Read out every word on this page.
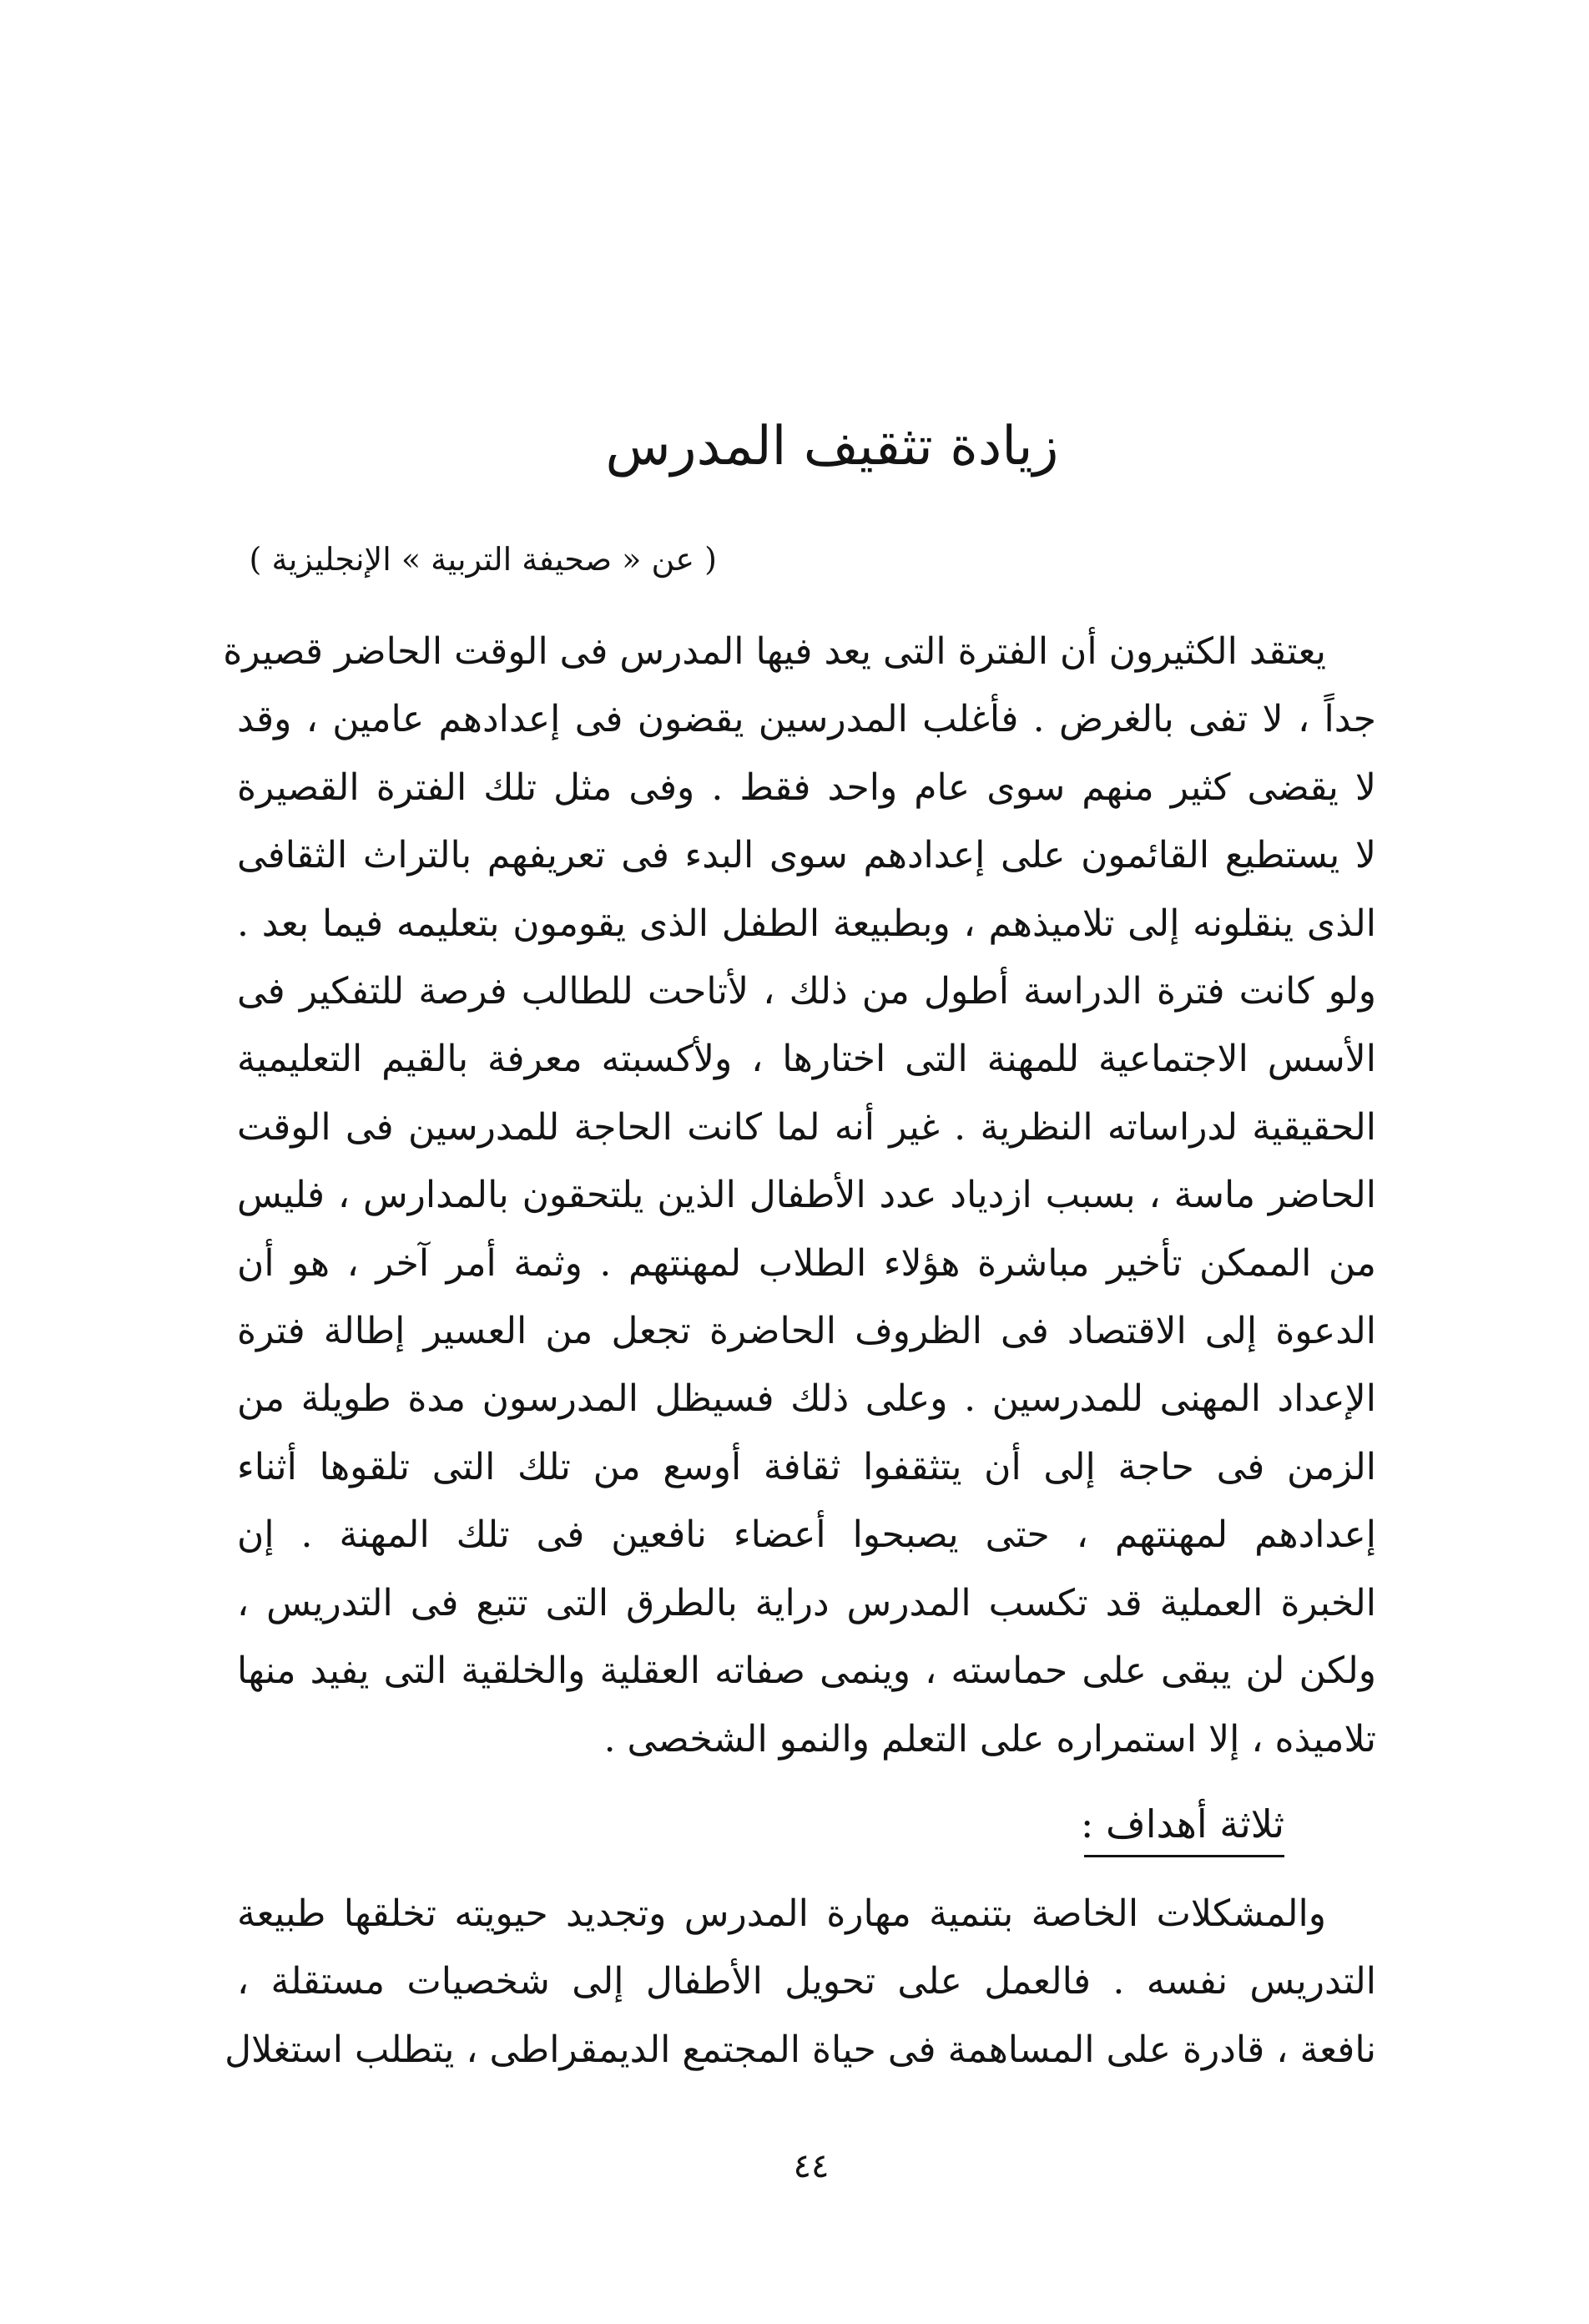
زيادة تثقيف المدرس
( عن « صحيفة التربية » الإنجليزية )

يعتقد الكثيرون أن الفترة التى يعد فيها المدرس فى الوقت الحاضر قصيرة
جداً ، لا تفى بالغرض . فأغلب المدرسين يقضون فى إعدادهم عامين ، وقد
لا يقضى كثير منهم سوى عام واحد فقط . وفى مثل تلك الفترة القصيرة
لا يستطيع القائمون على إعدادهم سوى البدء فى تعريفهم بالتراث الثقافى
الذى ينقلونه إلى تلاميذهم ، وبطبيعة الطفل الذى يقومون بتعليمه فيما بعد .
ولو كانت فترة الدراسة أطول من ذلك ، لأتاحت للطالب فرصة للتفكير فى
الأسس الاجتماعية للمهنة التى اختارها ، ولأكسبته معرفة بالقيم التعليمية
الحقيقية لدراساته النظرية . غير أنه لما كانت الحاجة للمدرسين فى الوقت
الحاضر ماسة ، بسبب ازدياد عدد الأطفال الذين يلتحقون بالمدارس ، فليس
من الممكن تأخير مباشرة هؤلاء الطلاب لمهنتهم . وثمة أمر آخر ، هو أن
الدعوة إلى الاقتصاد فى الظروف الحاضرة تجعل من العسير إطالة فترة
الإعداد المهنى للمدرسين . وعلى ذلك فسيظل المدرسون مدة طويلة من
الزمن فى حاجة إلى أن يتثقفوا ثقافة أوسع من تلك التى تلقوها أثناء
إعدادهم لمهنتهم ، حتى يصبحوا أعضاء نافعين فى تلك المهنة . إن
الخبرة العملية قد تكسب المدرس دراية بالطرق التى تتبع فى التدريس ،
ولكن لن يبقى على حماسته ، وينمى صفاته العقلية والخلقية التى يفيد منها
تلاميذه ، إلا استمراره على التعلم والنمو الشخصى .

ثلاثة أهداف :

والمشكلات الخاصة بتنمية مهارة المدرس وتجديد حيويته تخلقها طبيعة
التدريس نفسه . فالعمل على تحويل الأطفال إلى شخصيات مستقلة ،
نافعة ، قادرة على المساهمة فى حياة المجتمع الديمقراطى ، يتطلب استغلال

٤٤
